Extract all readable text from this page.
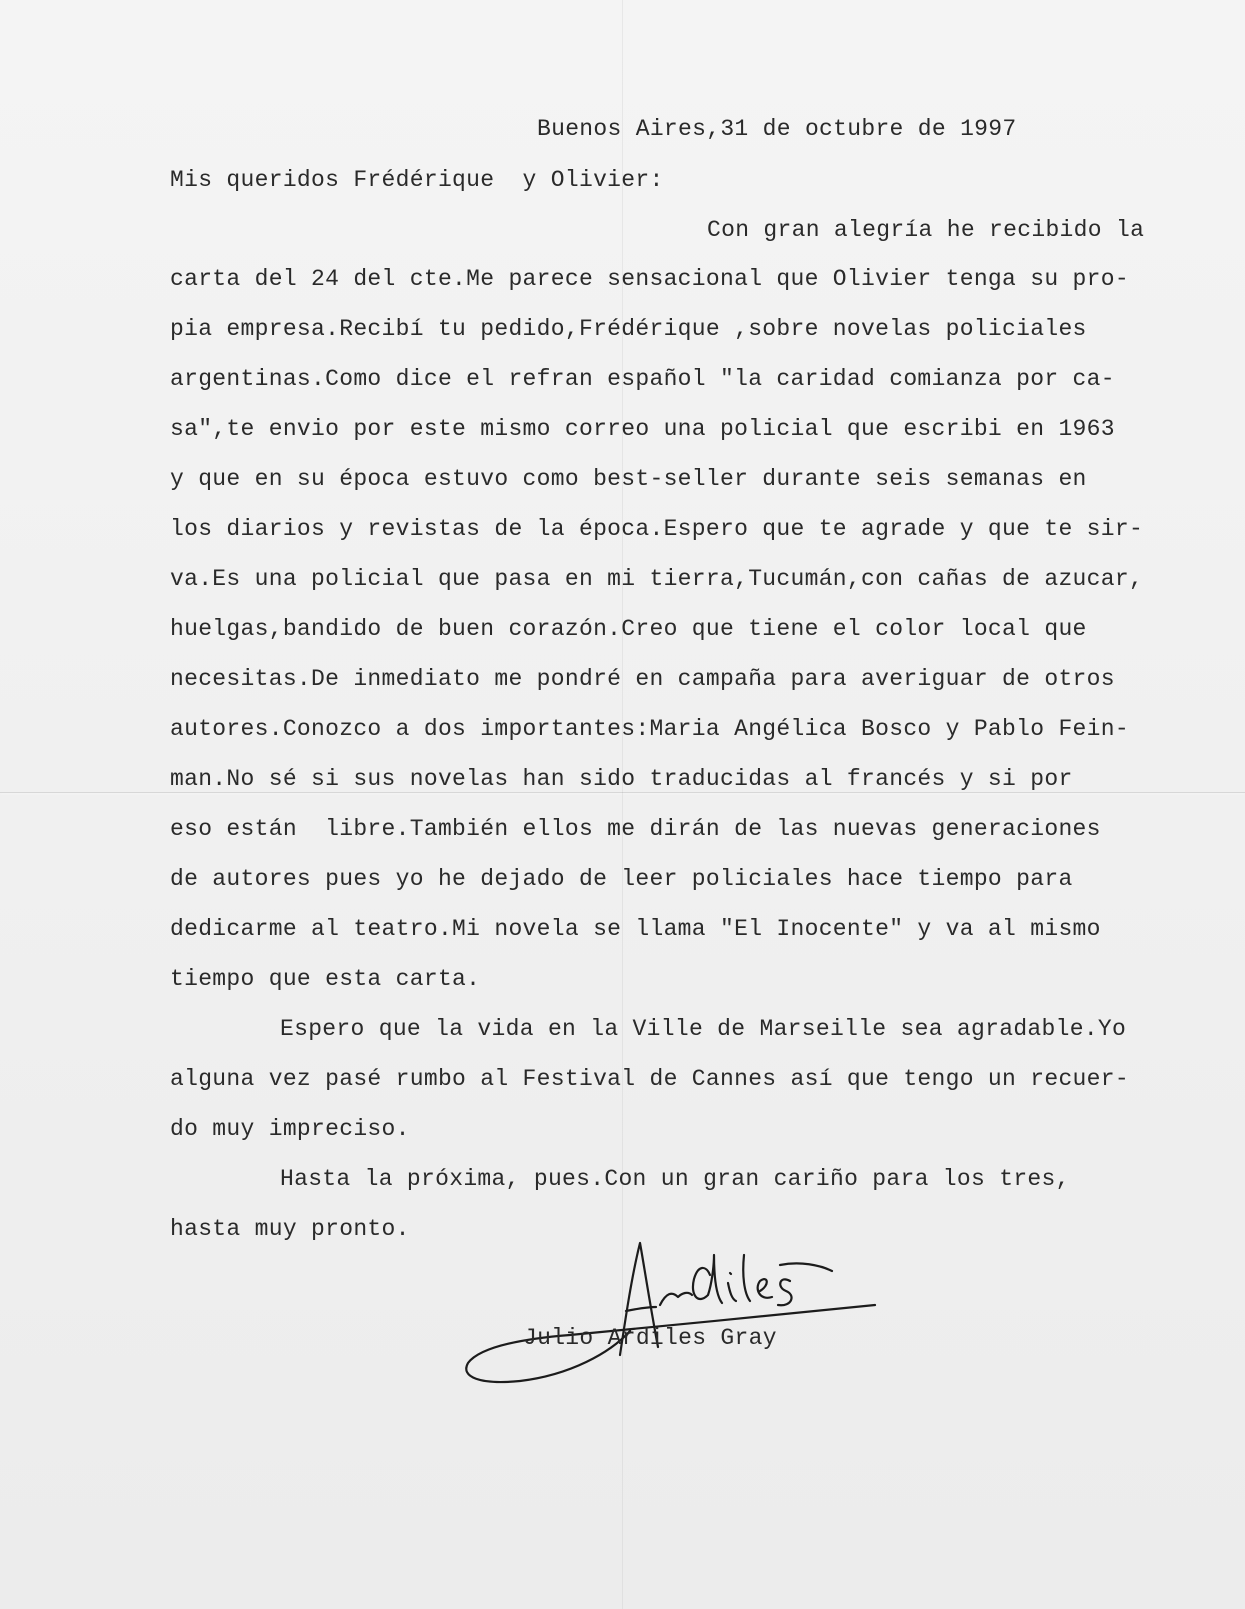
Buenos Aires,31 de octubre de 1997
Mis queridos Frédérique  y Olivier:
Con gran alegría he recibido la
carta del 24 del cte.Me parece sensacional que Olivier tenga su pro-
pia empresa.Recibí tu pedido,Frédérique ,sobre novelas policiales
argentinas.Como dice el refran español "la caridad comianza por ca-
sa",te envio por este mismo correo una policial que escribi en 1963
y que en su época estuvo como best-seller durante seis semanas en
los diarios y revistas de la época.Espero que te agrade y que te sir-
va.Es una policial que pasa en mi tierra,Tucumán,con cañas de azucar,
huelgas,bandido de buen corazón.Creo que tiene el color local que
necesitas.De inmediato me pondré en campaña para averiguar de otros
autores.Conozco a dos importantes:Maria Angélica Bosco y Pablo Fein-
man.No sé si sus novelas han sido traducidas al francés y si por
eso están  libre.También ellos me dirán de las nuevas generaciones
de autores pues yo he dejado de leer policiales hace tiempo para
dedicarme al teatro.Mi novela se llama "El Inocente" y va al mismo
tiempo que esta carta.
Espero que la vida en la Ville de Marseille sea agradable.Yo
alguna vez pasé rumbo al Festival de Cannes así que tengo un recuer-
do muy impreciso.
Hasta la próxima, pues.Con un gran cariño para los tres,
hasta muy pronto.
Julio Ardiles Gray
